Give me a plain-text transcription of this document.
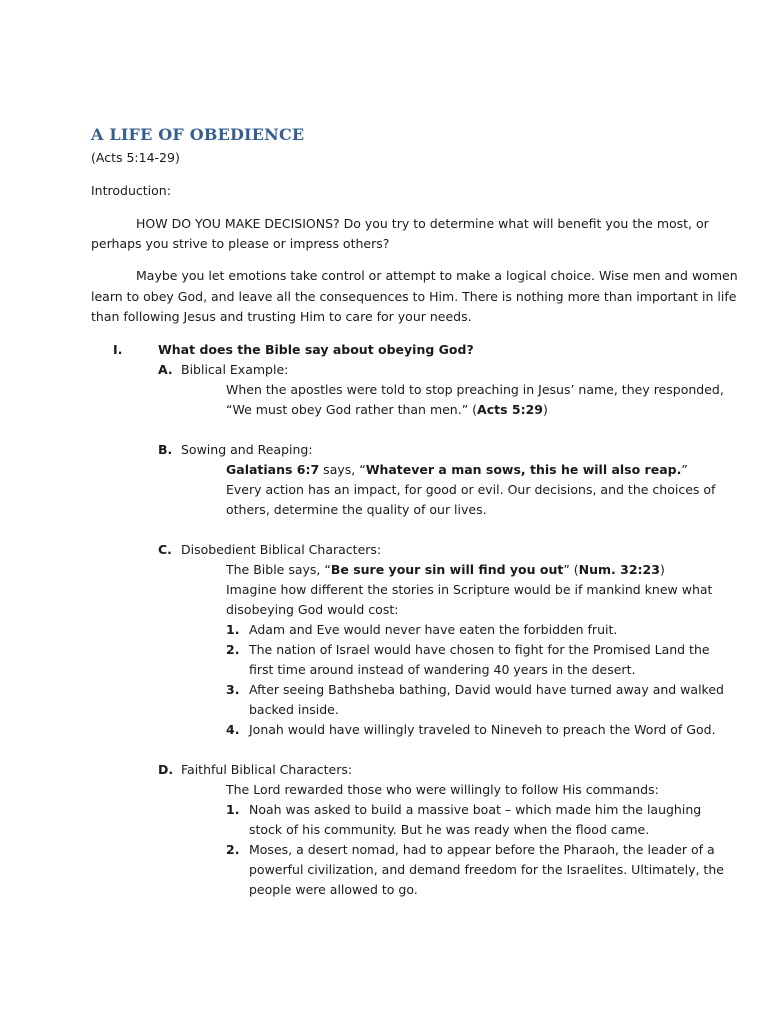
A LIFE OF OBEDIENCE
(Acts 5:14-29)
Introduction:
HOW DO YOU MAKE DECISIONS? Do you try to determine what will benefit you the most, or
perhaps you strive to please or impress others?
Maybe you let emotions take control or attempt to make a logical choice. Wise men and women
learn to obey God, and leave all the consequences to Him. There is nothing more than important in life
than following Jesus and trusting Him to care for your needs.
I.	What does the Bible say about obeying God?
A. Biblical Example:
When the apostles were told to stop preaching in Jesus’ name, they responded,
“We must obey God rather than men.” (Acts 5:29)
B. Sowing and Reaping:
Galatians 6:7 says, “Whatever a man sows, this he will also reap.”
Every action has an impact, for good or evil. Our decisions, and the choices of
others, determine the quality of our lives.
C. Disobedient Biblical Characters:
The Bible says, “Be sure your sin will find you out” (Num. 32:23)
Imagine how different the stories in Scripture would be if mankind knew what
disobeying God would cost:
1. Adam and Eve would never have eaten the forbidden fruit.
2. The nation of Israel would have chosen to fight for the Promised Land the
first time around instead of wandering 40 years in the desert.
3. After seeing Bathsheba bathing, David would have turned away and walked
backed inside.
4. Jonah would have willingly traveled to Nineveh to preach the Word of God.
D. Faithful Biblical Characters:
The Lord rewarded those who were willingly to follow His commands:
1. Noah was asked to build a massive boat – which made him the laughing
stock of his community. But he was ready when the flood came.
2. Moses, a desert nomad, had to appear before the Pharaoh, the leader of a
powerful civilization, and demand freedom for the Israelites. Ultimately, the
people were allowed to go.
